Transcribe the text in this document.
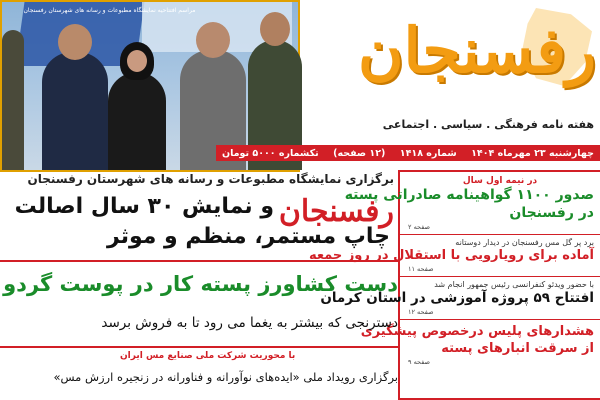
مراسم افتتاحیه نمایشگاه مطبوعات و رسانه های شهرستان رفسنجان
رفسنجان
هفته نامه فرهنگی . سیاسی . اجتماعی
چهارشنبه ۲۳ مهرماه ۱۴۰۴
شماره ۱۴۱۸
(۱۲ صفحه)
تکشماره ۵۰۰۰ تومان
در نیمه اول سال
صدور ۱۱۰۰ گواهینامه صادراتی پسته
در رفسنجان
صفحه ۲
برد پر گل مس رفسنجان در دیدار دوستانه
آماده برای رویارویی با استقلال در روز جمعه
صفحه ۱۱
با حضور ویدئو کنفرانسی رئیس جمهور انجام شد
افتتاح ۵۹ پروژه آموزشی در استان کرمان
صفحه ۱۲
هشدارهای پلیس درخصوص پیشگیری
از سرقت انبارهای پسته
صفحه ۹
برگزاری نمایشگاه مطبوعات و رسانه های شهرستان رفسنجان
رفسنجان
و نمایش ۳۰ سال اصالت
چاپ مستمر، منظم و موثر
دست کشاورز پسته کار در پوست گردو
دسترنجی که بیشتر به یغما می رود تا به فروش برسد
با محوریت شرکت ملی صنایع مس ایران
برگزاری رویداد ملی «ایده‌های نوآورانه و فناورانه در زنجیره ارزش مس»
